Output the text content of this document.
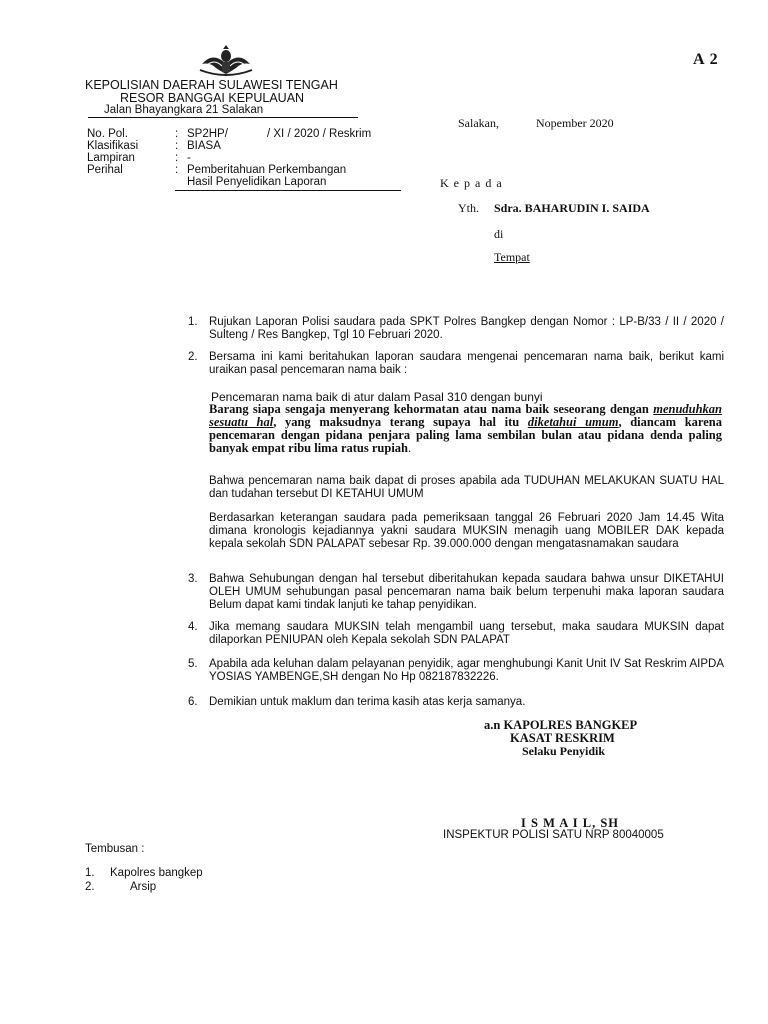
A 2
KEPOLISIAN DAERAH SULAWESI TENGAH
RESOR BANGGAI KEPULAUAN
Jalan Bhayangkara 21 Salakan
Salakan,	Nopember 2020
No. Pol.	: SP2HP/	/ XI / 2020 / Reskrim
Klasifikasi	: BIASA
Lampiran	: -
Perihal	: Pemberitahuan Perkembangan
Hasil Penyelidikan Laporan	K e p a d a
Yth. Sdra. BAHARUDIN I. SAIDA
di
Tempat
1. Rujukan Laporan Polisi saudara pada SPKT Polres Bangkep dengan Nomor : LP-B/33 / II / 2020 / Sulteng / Res Bangkep, Tgl 10 Februari 2020.
2. Bersama ini kami beritahukan laporan saudara mengenai pencemaran nama baik, berikut kami uraikan pasal pencemaran nama baik :
Pencemaran nama baik di atur dalam Pasal 310 dengan bunyi
Barang siapa sengaja menyerang kehormatan atau nama baik seseorang dengan menuduhkan sesuatu hal, yang maksudnya terang supaya hal itu diketahui umum, diancam karena pencemaran dengan pidana penjara paling lama sembilan bulan atau pidana denda paling banyak empat ribu lima ratus rupiah.
Bahwa pencemaran nama baik dapat di proses apabila ada TUDUHAN MELAKUKAN SUATU HAL dan tudahan tersebut DI KETAHUI UMUM
Berdasarkan keterangan saudara pada pemeriksaan tanggal 26 Februari 2020 Jam 14.45 Wita dimana kronologis kejadiannya yakni saudara MUKSIN menagih uang MOBILER DAK kepada kepala sekolah SDN PALAPAT sebesar Rp. 39.000.000 dengan mengatasnamakan saudara
3. Bahwa Sehubungan dengan hal tersebut diberitahukan kepada saudara bahwa unsur DIKETAHUI OLEH UMUM sehubungan pasal pencemaran nama baik belum terpenuhi maka laporan saudara Belum dapat kami tindak lanjuti ke tahap penyidikan.
4. Jika memang saudara MUKSIN telah mengambil uang tersebut, maka saudara MUKSIN dapat dilaporkan PENIUPAN oleh Kepala sekolah SDN PALAPAT
5. Apabila ada keluhan dalam pelayanan penyidik, agar menghubungi Kanit Unit IV Sat Reskrim AIPDA YOSIAS YAMBENGE,SH dengan No Hp 082187832226.
6. Demikian untuk maklum dan terima kasih atas kerja samanya.
a.n KAPOLRES BANGKEP
KASAT RESKRIM
Selaku Penyidik
I S M A I L, SH
INSPEKTUR POLISI SATU NRP 80040005
Tembusan :
1. Kapolres bangkep
2.	Arsip
